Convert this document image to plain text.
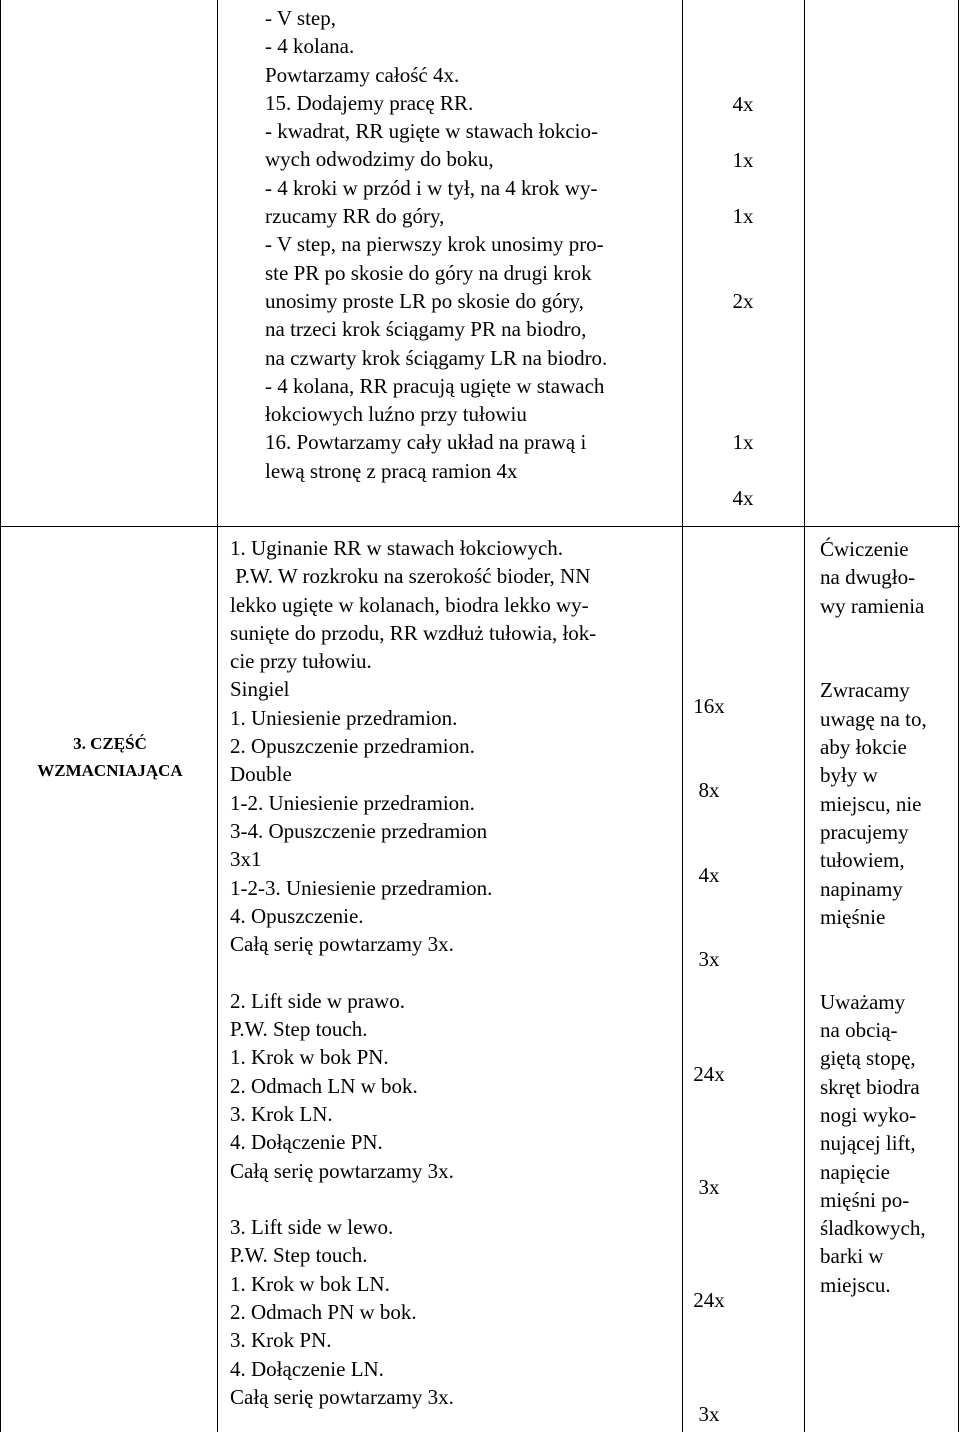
- V step,
- 4 kolana.
Powtarzamy całość 4x.
15. Dodajemy pracę RR.
- kwadrat, RR ugięte w stawach łokcio-
wych odwodzimy do boku,
- 4 kroki w przód i w tył, na 4 krok wy-
rzucamy RR do góry,
- V step, na pierwszy krok unosimy pro-
ste PR po skosie do góry na drugi krok
unosimy proste LR po skosie do góry,
na trzeci krok ściągamy PR na biodro,
na czwarty krok ściągamy LR na biodro.
- 4 kolana, RR pracują ugięte w stawach
łokciowych luźno przy tułowiu
16. Powtarzamy cały układ na prawą i
lewą stronę z pracą ramion 4x
4x
1x
1x
2x
1x
4x
3. CZĘŚĆ
WZMACNIAJĄCA
1. Uginanie RR w stawach łokciowych.
P.W. W rozkroku na szerokość bioder, NN
lekko ugięte w kolanach, biodra lekko wy-
sunięte do przodu, RR wzdłuż tułowia, łok-
cie przy tułowiu.
Singiel
1. Uniesienie przedramion.
2. Opuszczenie przedramion.
Double
1-2. Uniesienie przedramion.
3-4. Opuszczenie przedramion
3x1
1-2-3. Uniesienie przedramion.
4. Opuszczenie.
Całą serię powtarzamy 3x.
2. Lift side w prawo.
P.W. Step touch.
1. Krok w bok PN.
2. Odmach LN w bok.
3. Krok LN.
4. Dołączenie PN.
Całą serię powtarzamy 3x.
3. Lift side w lewo.
P.W. Step touch.
1. Krok w bok LN.
2. Odmach PN w bok.
3. Krok PN.
4. Dołączenie LN.
Całą serię powtarzamy 3x.
16x
8x
4x
3x
24x
3x
24x
3x
Ćwiczenie
na dwugło-
wy ramienia
Zwracamy
uwagę na to,
aby łokcie
były w
miejscu, nie
pracujemy
tułowiem,
napinamy
mięśnie
Uważamy
na obcią-
giętą stopę,
skręt biodra
nogi wyko-
nującej lift,
napięcie
mięśni po-
śladkowych,
barki w
miejscu.
